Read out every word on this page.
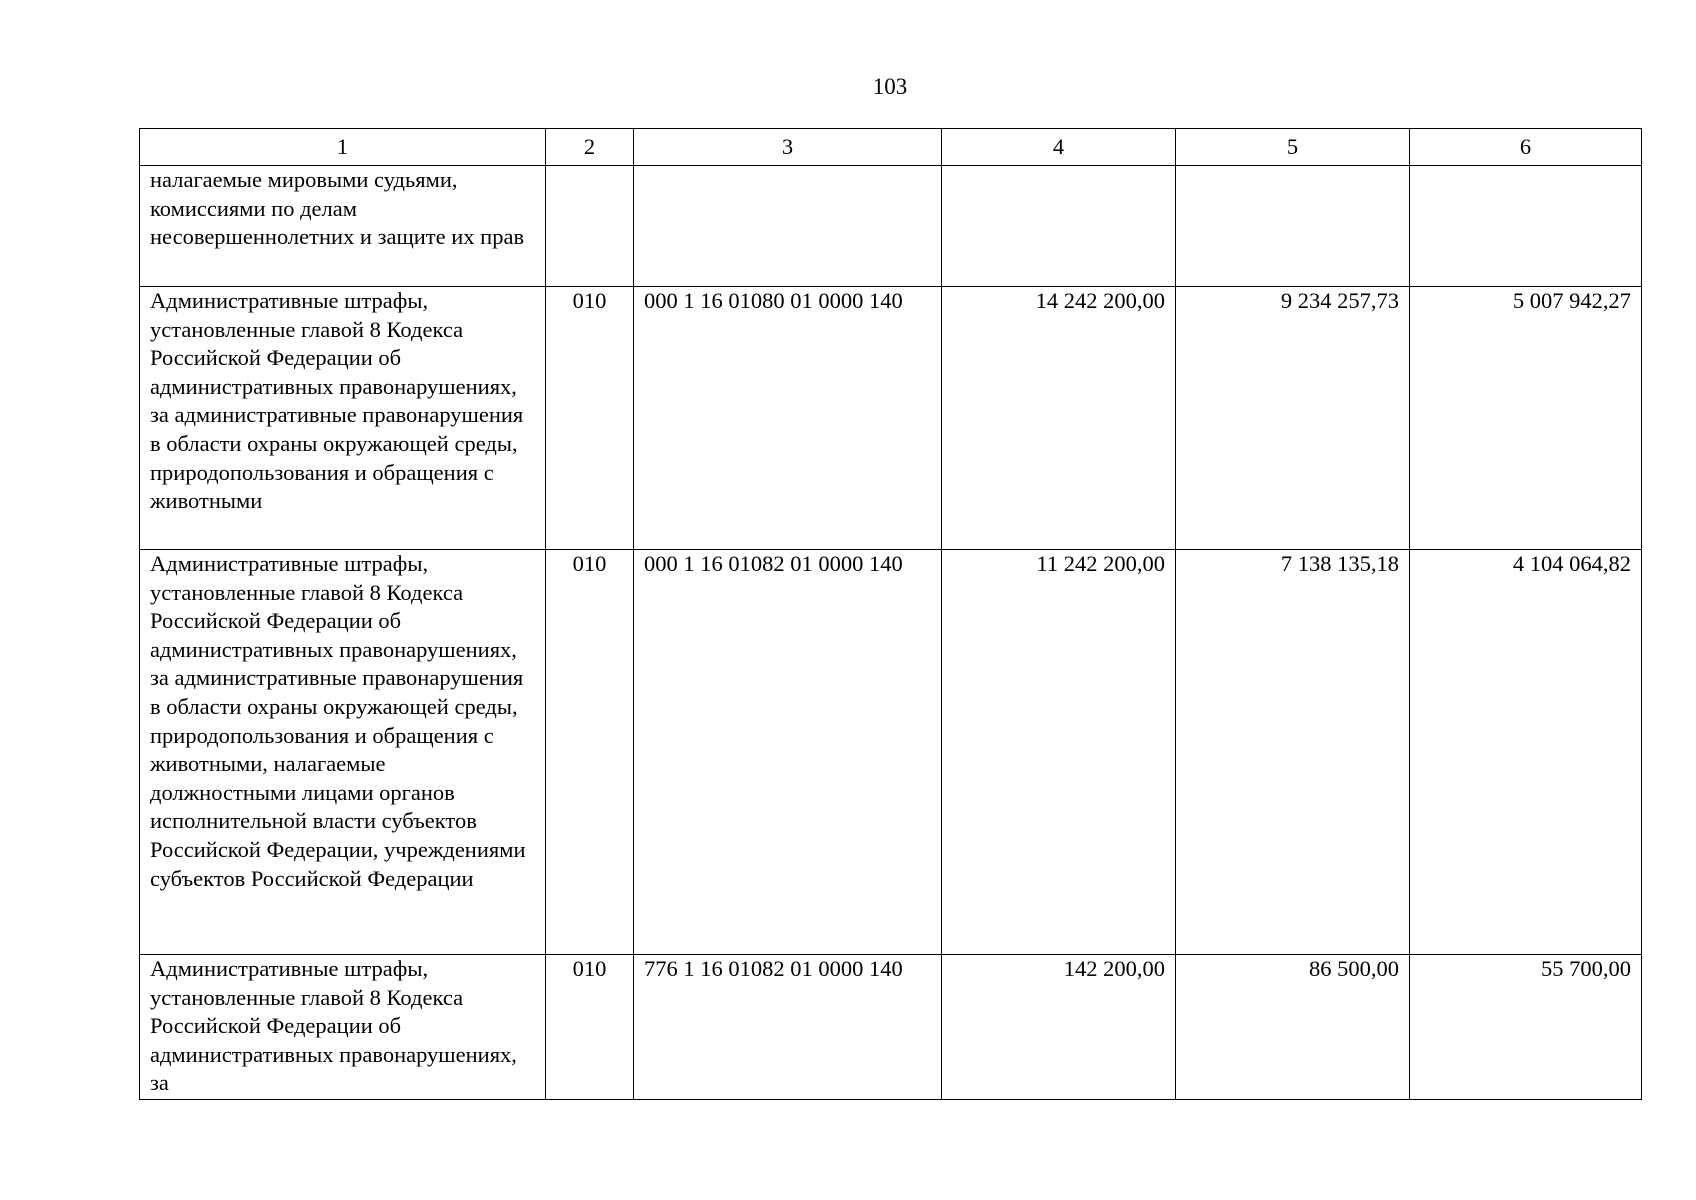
103
1	2	3	4	5	6
налагаемые мировыми судьями, комиссиями по делам несовершеннолетних и защите их прав					
Административные штрафы, установленные главой 8 Кодекса Российской Федерации об административных правонарушениях, за административные правонарушения в области охраны окружающей среды, природопользования и обращения с животными	010	000 1 16 01080 01 0000 140	14 242 200,00	9 234 257,73	5 007 942,27
Административные штрафы, установленные главой 8 Кодекса Российской Федерации об административных правонарушениях, за административные правонарушения в области охраны окружающей среды, природопользования и обращения с животными, налагаемые должностными лицами органов исполнительной власти субъектов Российской Федерации, учреждениями субъектов Российской Федерации	010	000 1 16 01082 01 0000 140	11 242 200,00	7 138 135,18	4 104 064,82
Административные штрафы, установленные главой 8 Кодекса Российской Федерации об административных правонарушениях, за	010	776 1 16 01082 01 0000 140	142 200,00	86 500,00	55 700,00
